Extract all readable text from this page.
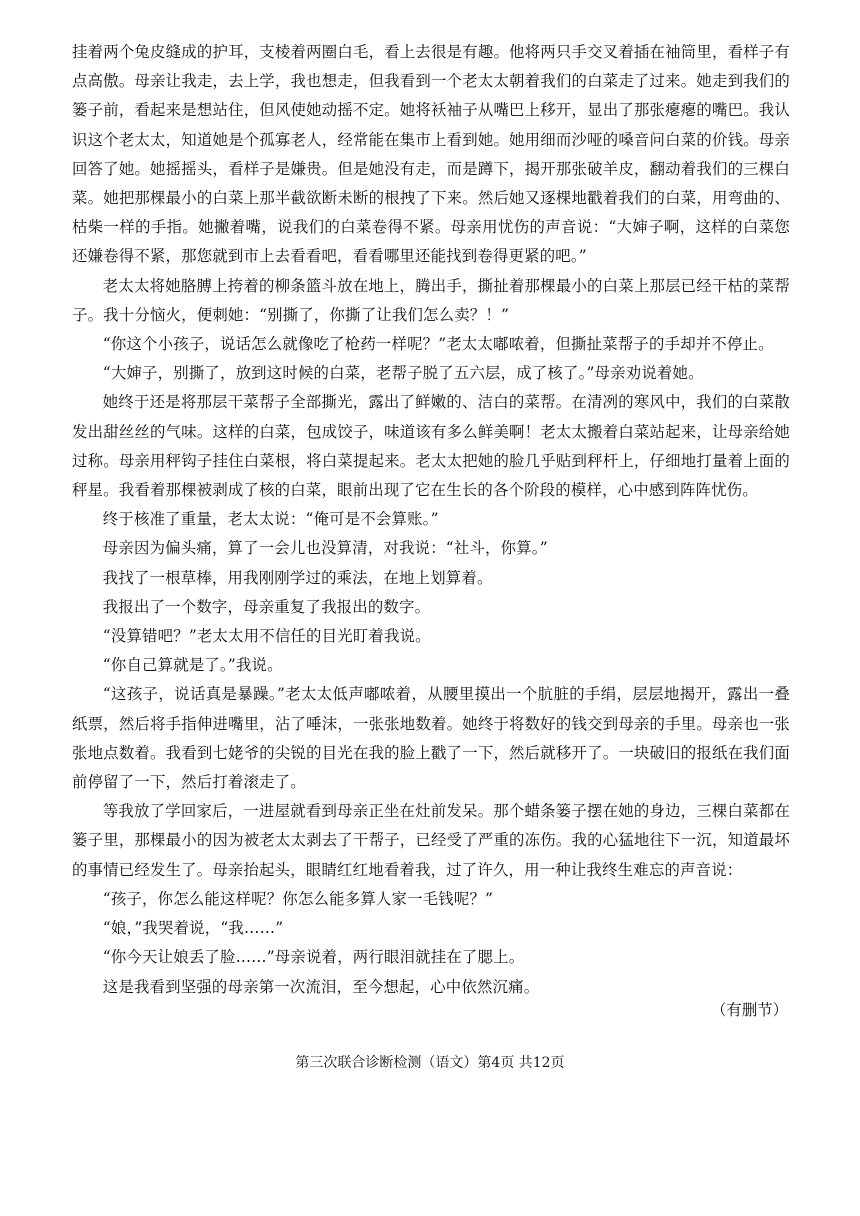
挂着两个兔皮缝成的护耳，支棱着两圈白毛，看上去很是有趣。他将两只手交叉着插在袖筒里，看样子有点高傲。母亲让我走，去上学，我也想走，但我看到一个老太太朝着我们的白菜走了过来。她走到我们的篓子前，看起来是想站住，但风使她动摇不定。她将袄袖子从嘴巴上移开，显出了那张瘪瘪的嘴巴。我认识这个老太太，知道她是个孤寡老人，经常能在集市上看到她。她用细而沙哑的嗓音问白菜的价钱。母亲回答了她。她摇摇头，看样子是嫌贵。但是她没有走，而是蹲下，揭开那张破羊皮，翻动着我们的三棵白菜。她把那棵最小的白菜上那半截欲断未断的根拽了下来。然后她又逐棵地戳着我们的白菜，用弯曲的、枯柴一样的手指。她撇着嘴，说我们的白菜卷得不紧。母亲用忧伤的声音说：“大婶子啊，这样的白菜您还嫌卷得不紧，那您就到市上去看看吧，看看哪里还能找到卷得更紧的吧。”

老太太将她胳膊上挎着的柳条篮斗放在地上，腾出手，撕扯着那棵最小的白菜上那层已经干枯的菜帮子。我十分恼火，便刺她：“别撕了，你撕了让我们怎么卖？！”

“你这个小孩子，说话怎么就像吃了枪药一样呢？”老太太嘟哝着，但撕扯菜帮子的手却并不停止。

“大婶子，别撕了，放到这时候的白菜，老帮子脱了五六层，成了核了。”母亲劝说着她。

她终于还是将那层干菜帮子全部撕光，露出了鲜嫩的、洁白的菜帮。在清冽的寒风中，我们的白菜散发出甜丝丝的气味。这样的白菜，包成饺子，味道该有多么鲜美啊！老太太搬着白菜站起来，让母亲给她过称。母亲用秤钩子挂住白菜根，将白菜提起来。老太太把她的脸几乎贴到秤杆上，仔细地打量着上面的秤星。我看着那棵被剥成了核的白菜，眼前出现了它在生长的各个阶段的模样，心中感到阵阵忧伤。

终于核准了重量，老太太说：“俺可是不会算账。”

母亲因为偏头痛，算了一会儿也没算清，对我说：“社斗，你算。”

我找了一根草棒，用我刚刚学过的乘法，在地上划算着。

我报出了一个数字，母亲重复了我报出的数字。

“没算错吧？”老太太用不信任的目光盯着我说。

“你自己算就是了。”我说。

“这孩子，说话真是暴躁。”老太太低声嘟哝着，从腰里摸出一个肮脏的手绢，层层地揭开，露出一叠纸票，然后将手指伸进嘴里，沾了唾沫，一张张地数着。她终于将数好的钱交到母亲的手里。母亲也一张张地点数着。我看到七姥爷的尖锐的目光在我的脸上戳了一下，然后就移开了。一块破旧的报纸在我们面前停留了一下，然后打着滚走了。

等我放了学回家后，一进屋就看到母亲正坐在灶前发呆。那个蜡条篓子摆在她的身边，三棵白菜都在篓子里，那棵最小的因为被老太太剥去了干帮子，已经受了严重的冻伤。我的心猛地往下一沉，知道最坏的事情已经发生了。母亲抬起头，眼睛红红地看着我，过了许久，用一种让我终生难忘的声音说：

“孩子，你怎么能这样呢？你怎么能多算人家一毛钱呢？”

“娘，”我哭着说，“我……”

“你今天让娘丢了脸……”母亲说着，两行眼泪就挂在了腮上。

这是我看到坚强的母亲第一次流泪，至今想起，心中依然沉痛。

（有删节）
第三次联合诊断检测（语文）第4页 共12页
